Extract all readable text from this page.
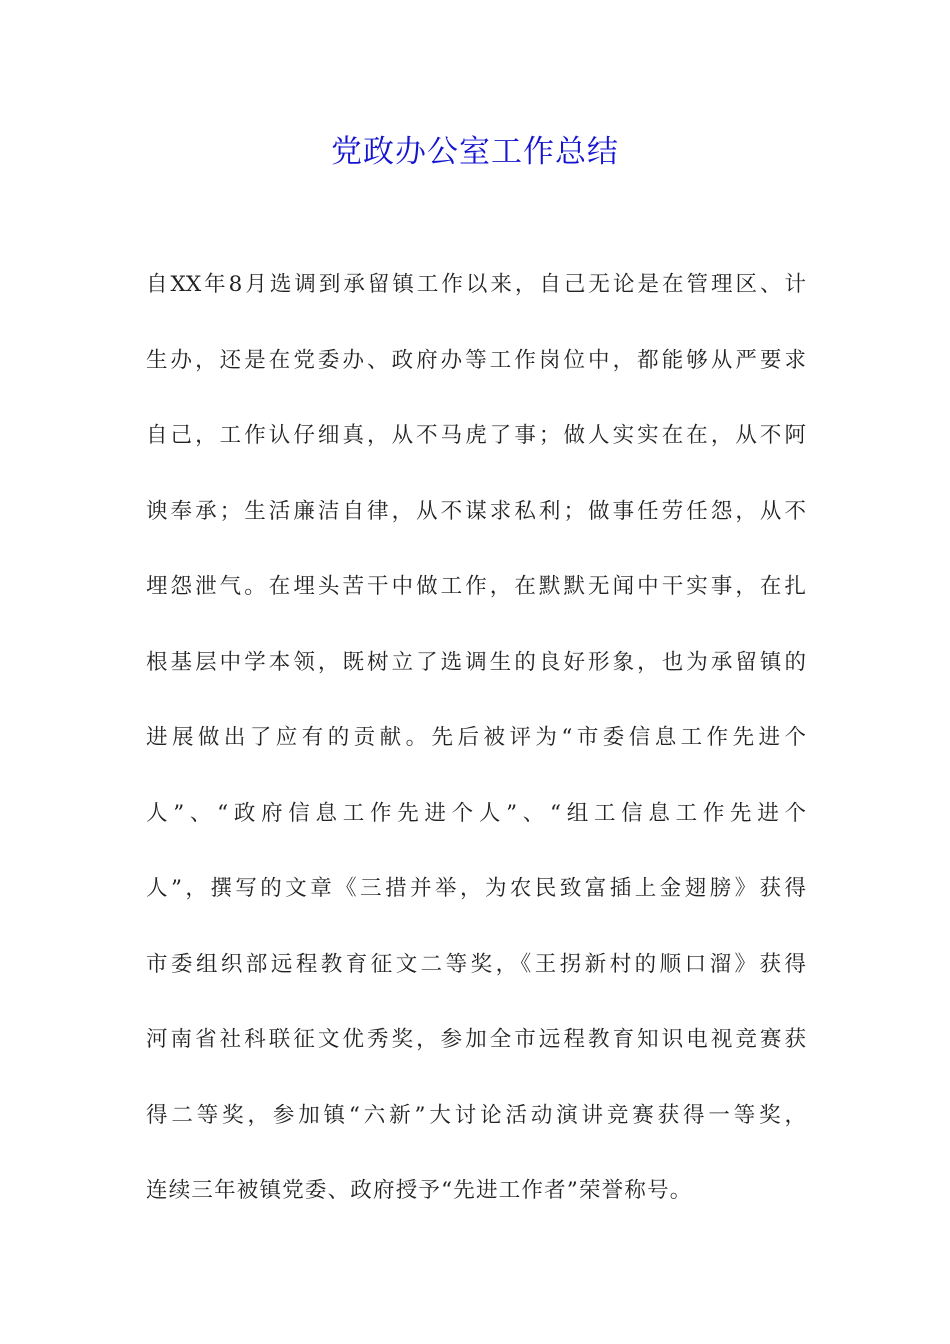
党政办公室工作总结
自XX年8月选调到承留镇工作以来，自己无论是在管理区、计
生办，还是在党委办、政府办等工作岗位中，都能够从严要求
自己，工作认仔细真，从不马虎了事；做人实实在在，从不阿
谀奉承；生活廉洁自律，从不谋求私利；做事任劳任怨，从不
埋怨泄气。在埋头苦干中做工作，在默默无闻中干实事，在扎
根基层中学本领，既树立了选调生的良好形象，也为承留镇的
进展做出了应有的贡献。先后被评为“市委信息工作先进个
人”、“政府信息工作先进个人”、“组工信息工作先进个
人”，撰写的文章《三措并举，为农民致富插上金翅膀》获得
市委组织部远程教育征文二等奖，《王拐新村的顺口溜》获得
河南省社科联征文优秀奖，参加全市远程教育知识电视竞赛获
得二等奖，参加镇“六新”大讨论活动演讲竞赛获得一等奖，
连续三年被镇党委、政府授予“先进工作者”荣誉称号。
